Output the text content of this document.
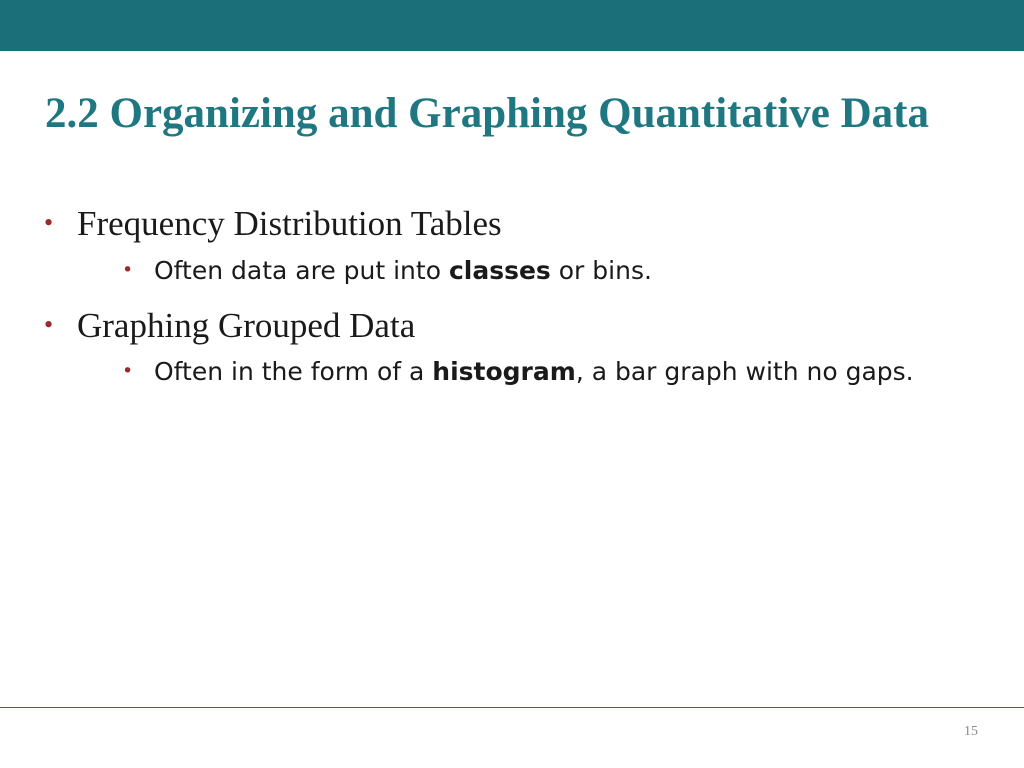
2.2 Organizing and Graphing Quantitative Data
• Frequency Distribution Tables
• Often data are put into classes or bins.
• Graphing Grouped Data
• Often in the form of a histogram, a bar graph with no gaps.
15
